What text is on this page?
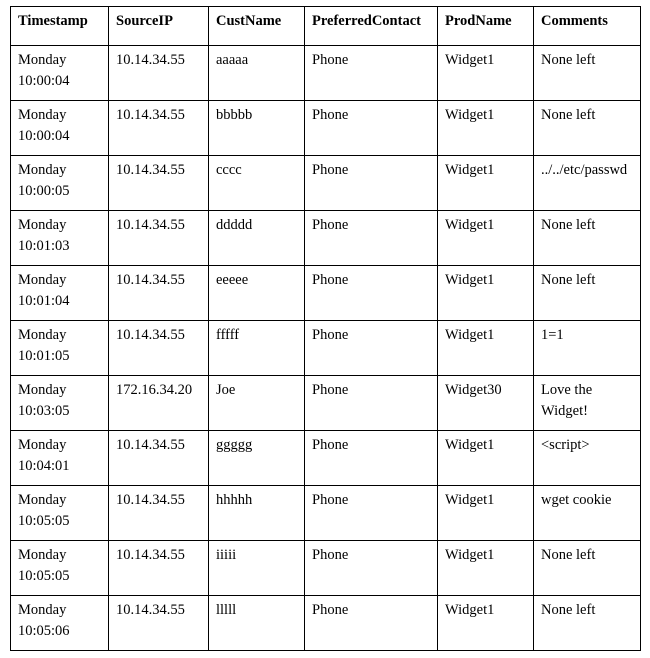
Timestamp	SourceIP	CustName	PreferredContact	ProdName	Comments
Monday 10:00:04	10.14.34.55	aaaaa	Phone	Widget1	None left
Monday 10:00:04	10.14.34.55	bbbbb	Phone	Widget1	None left
Monday 10:00:05	10.14.34.55	cccc	Phone	Widget1	../../etc/passwd
Monday 10:01:03	10.14.34.55	ddddd	Phone	Widget1	None left
Monday 10:01:04	10.14.34.55	eeeee	Phone	Widget1	None left
Monday 10:01:05	10.14.34.55	fffff	Phone	Widget1	1=1
Monday 10:03:05	172.16.34.20	Joe	Phone	Widget30	Love the Widget!
Monday 10:04:01	10.14.34.55	ggggg	Phone	Widget1	<script>
Monday 10:05:05	10.14.34.55	hhhhh	Phone	Widget1	wget cookie
Monday 10:05:05	10.14.34.55	iiiii	Phone	Widget1	None left
Monday 10:05:06	10.14.34.55	lllll	Phone	Widget1	None left
